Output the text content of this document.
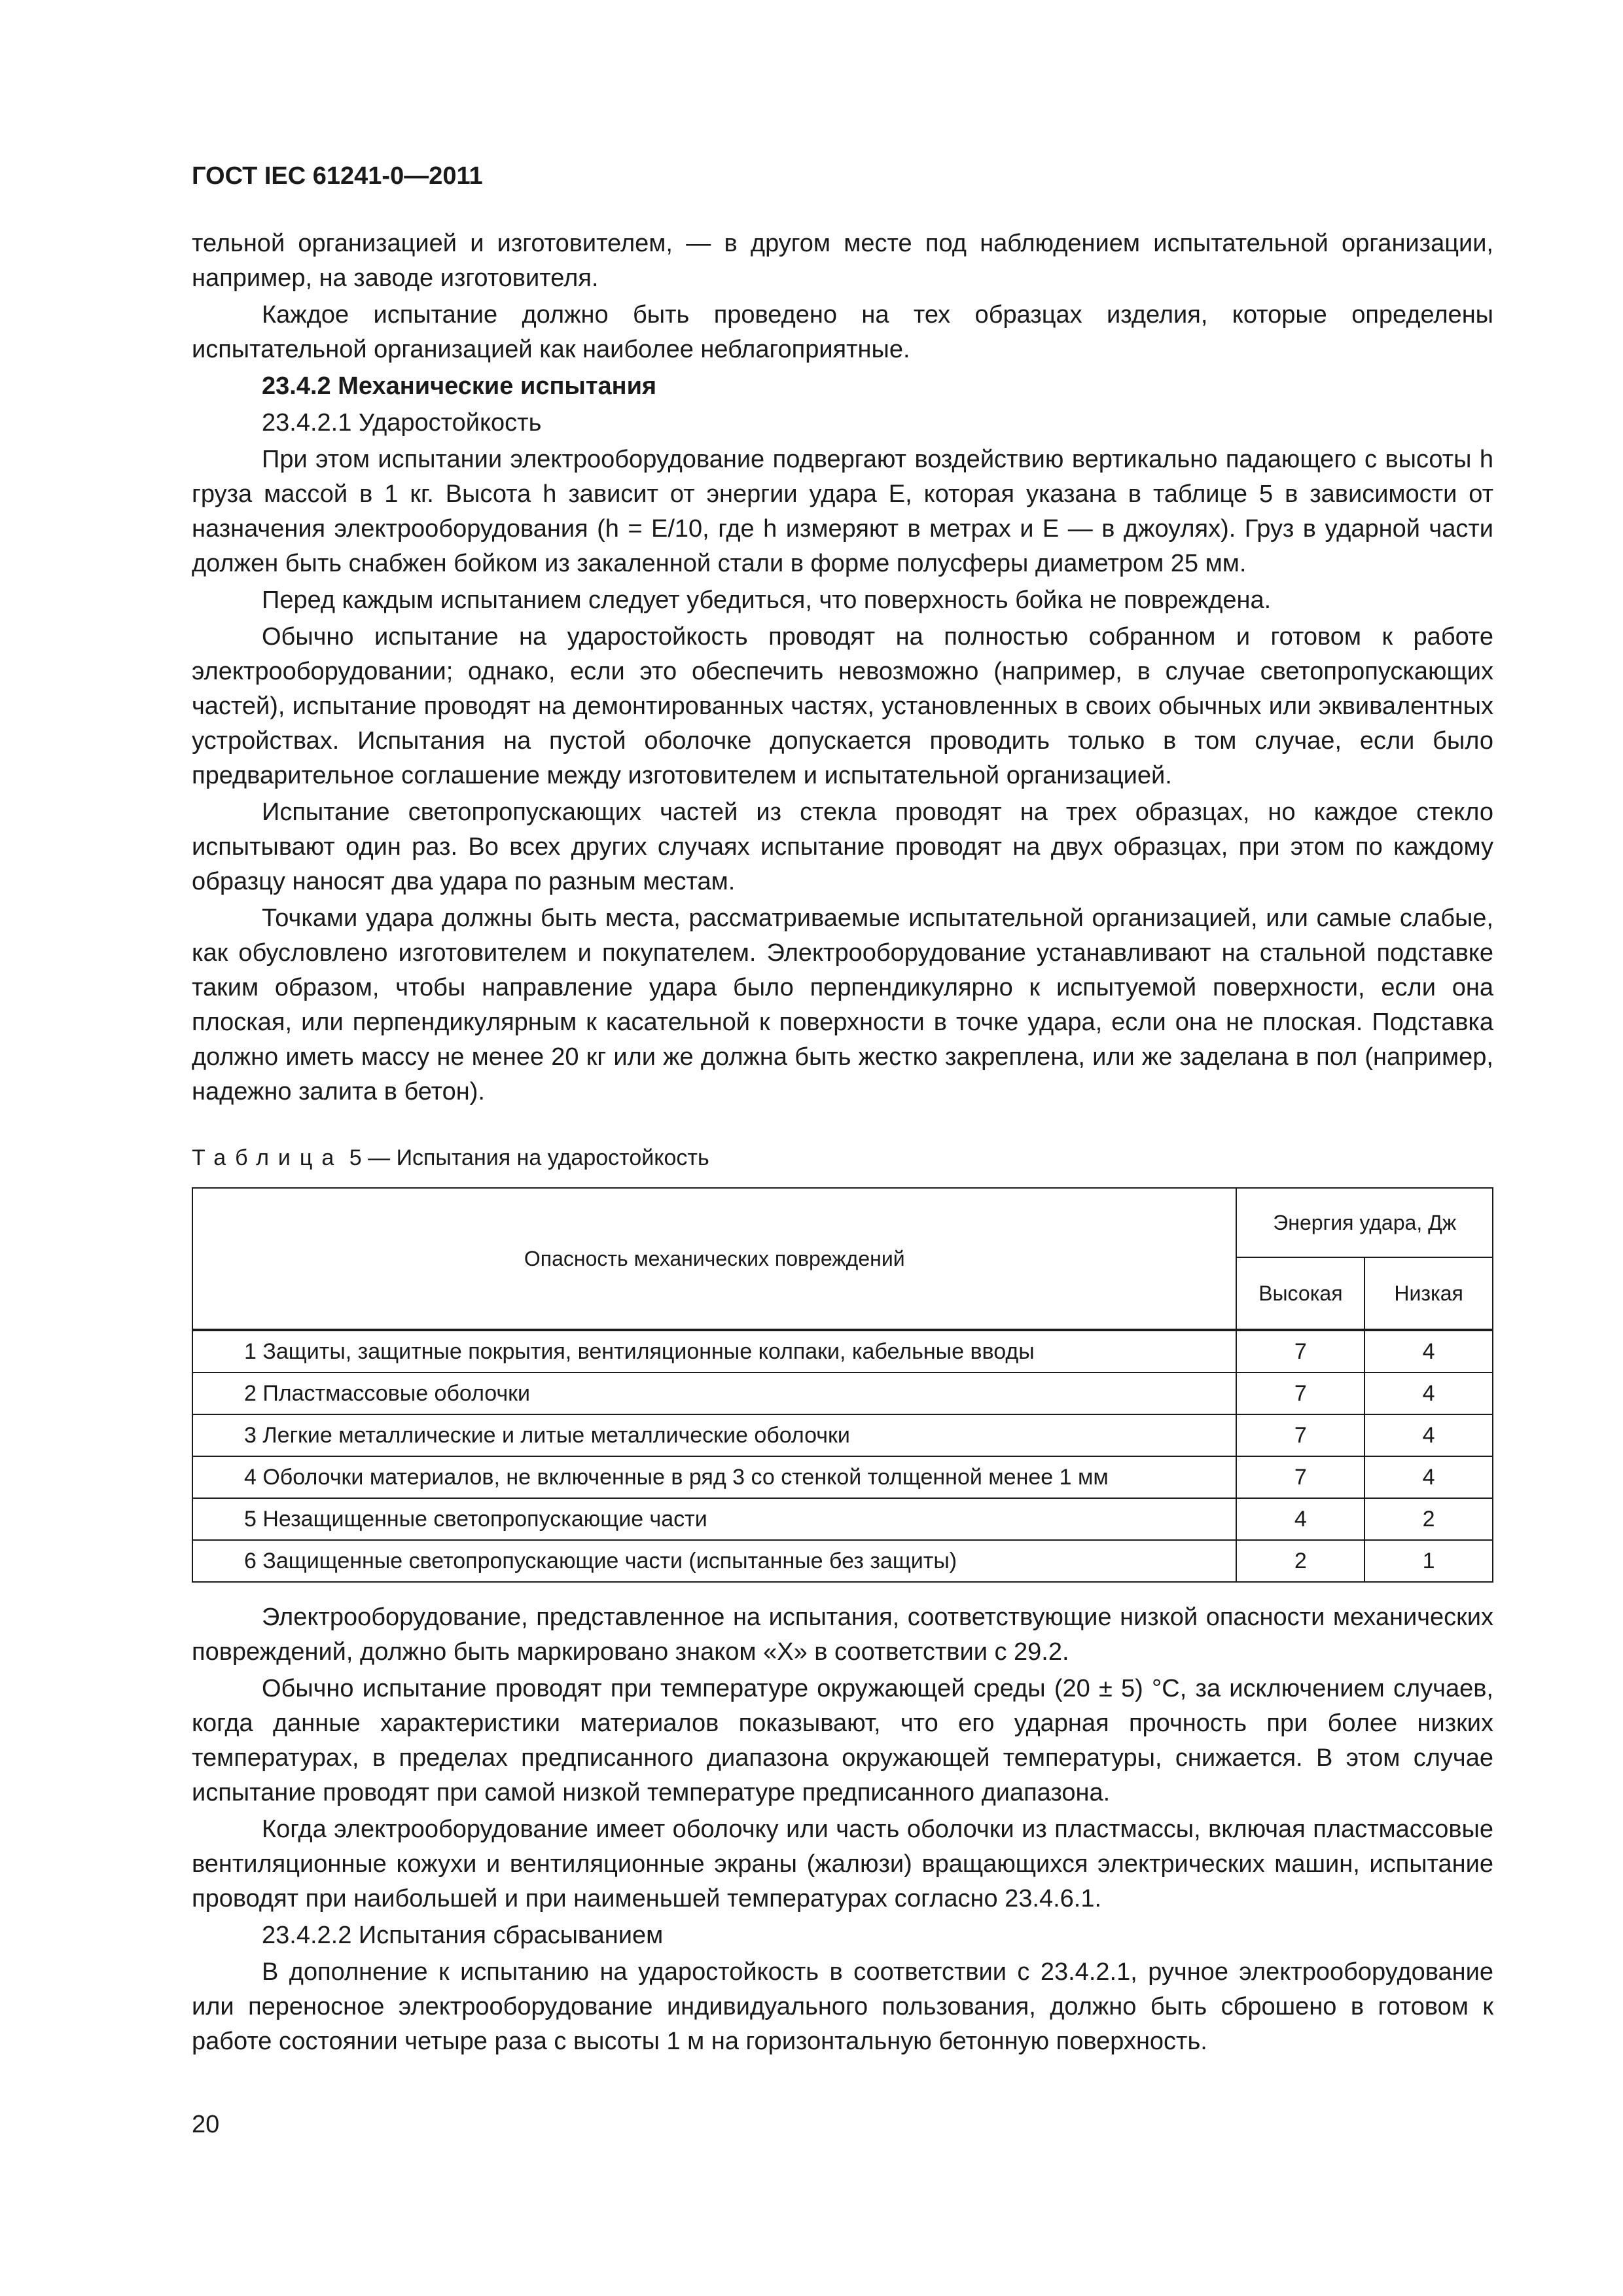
ГОСТ IEC 61241-0—2011

тельной организацией и изготовителем, — в другом месте под наблюдением испытательной организации, например, на заводе изготовителя.

Каждое испытание должно быть проведено на тех образцах изделия, которые определены испытательной организацией как наиболее неблагоприятные.

23.4.2 Механические испытания

23.4.2.1 Ударостойкость

При этом испытании электрооборудование подвергают воздействию вертикально падающего с высоты h груза массой в 1 кг. Высота h зависит от энергии удара E, которая указана в таблице 5 в зависимости от назначения электрооборудования (h = E/10, где h измеряют в метрах и E — в джоулях). Груз в ударной части должен быть снабжен бойком из закаленной стали в форме полусферы диаметром 25 мм.

Перед каждым испытанием следует убедиться, что поверхность бойка не повреждена.

Обычно испытание на ударостойкость проводят на полностью собранном и готовом к работе электрооборудовании; однако, если это обеспечить невозможно (например, в случае светопропускающих частей), испытание проводят на демонтированных частях, установленных в своих обычных или эквивалентных устройствах. Испытания на пустой оболочке допускается проводить только в том случае, если было предварительное соглашение между изготовителем и испытательной организацией.

Испытание светопропускающих частей из стекла проводят на трех образцах, но каждое стекло испытывают один раз. Во всех других случаях испытание проводят на двух образцах, при этом по каждому образцу наносят два удара по разным местам.

Точками удара должны быть места, рассматриваемые испытательной организацией, или самые слабые, как обусловлено изготовителем и покупателем. Электрооборудование устанавливают на стальной подставке таким образом, чтобы направление удара было перпендикулярно к испытуемой поверхности, если она плоская, или перпендикулярным к касательной к поверхности в точке удара, если она не плоская. Подставка должно иметь массу не менее 20 кг или же должна быть жестко закреплена, или же заделана в пол (например, надежно залита в бетон).

Таблица 5 — Испытания на ударостойкость
Опасность механических повреждений	Энергия удара, Дж	
	Высокая	Низкая
1 Защиты, защитные покрытия, вентиляционные колпаки, кабельные вводы	7	4
2 Пластмассовые оболочки	7	4
3 Легкие металлические и литые металлические оболочки	7	4
4 Оболочки материалов, не включенные в ряд 3 со стенкой толщенной менее 1 мм	7	4
5 Незащищенные светопропускающие части	4	2
6 Защищенные светопропускающие части (испытанные без защиты)	2	1

Электрооборудование, представленное на испытания, соответствующие низкой опасности механических повреждений, должно быть маркировано знаком «X» в соответствии с 29.2.

Обычно испытание проводят при температуре окружающей среды (20 ± 5) °С, за исключением случаев, когда данные характеристики материалов показывают, что его ударная прочность при более низких температурах, в пределах предписанного диапазона окружающей температуры, снижается. В этом случае испытание проводят при самой низкой температуре предписанного диапазона.

Когда электрооборудование имеет оболочку или часть оболочки из пластмассы, включая пластмассовые вентиляционные кожухи и вентиляционные экраны (жалюзи) вращающихся электрических машин, испытание проводят при наибольшей и при наименьшей температурах согласно 23.4.6.1.

23.4.2.2 Испытания сбрасыванием

В дополнение к испытанию на ударостойкость в соответствии с 23.4.2.1, ручное электрооборудование или переносное электрооборудование индивидуального пользования, должно быть сброшено в готовом к работе состоянии четыре раза с высоты 1 м на горизонтальную бетонную поверхность.

20
